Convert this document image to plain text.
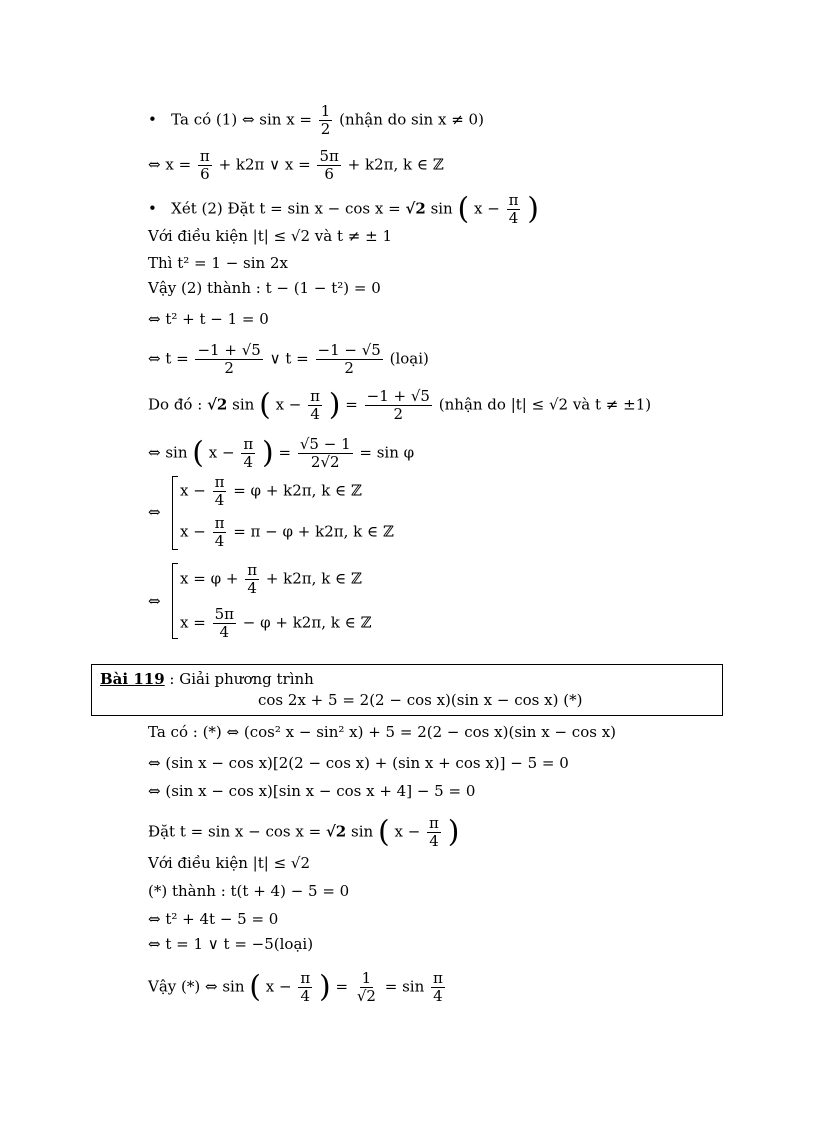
• Ta có (1) ⇔ $\sin x = \frac{1}{2}$ (nhận do sin x ≠ 0)
⇔ $x = \frac{\pi}{6} + k2\pi$ ∨ $x = \frac{5\pi}{6} + k2\pi$, k ∈ ℤ
• Xét (2) Đặt t = sin x − cos x = √2 sin ( $x - \frac{\pi}{4}$ )
Với điều kiện |t| ≤ √2 và t ≠ ± 1
Thì t² = 1 − sin 2x
Vậy (2) thành : t − (1 − t²) = 0
⇔ t² + t − 1 = 0
⇔ $t = \frac{-1 + √5}{2}$ ∨ $t = \frac{-1 - √5}{2}$ (loại)
Do đó : √2 sin ( $x - \frac{\pi}{4}$ ) = $\frac{-1 + √5}{2}$ (nhận do |t| ≤ √2 và t ≠ ±1)
⇔ sin ( $x - \frac{\pi}{4}$ ) = $\frac{√5 - 1}{2√2} = \sin \varphi$
⇔
$x - \frac{\pi}{4} = \varphi + k2\pi$, k ∈ ℤ
$x - \frac{\pi}{4} = \pi - \varphi + k2\pi$, k ∈ ℤ
⇔
$x = \varphi + \frac{\pi}{4} + k2\pi$, k ∈ ℤ
$x = \frac{5\pi}{4} - \varphi + k2\pi$, k ∈ ℤ
Bài 119 : Giải phương trình
cos 2x + 5 = 2(2 − cos x)(sin x − cos x) (*)
Ta có : (*) ⇔ (cos² x − sin² x) + 5 = 2(2 − cos x)(sin x − cos x)
⇔ (sin x − cos x)[2(2 − cos x) + (sin x + cos x)] − 5 = 0
⇔ (sin x − cos x)[sin x − cos x + 4] − 5 = 0
Đặt t = sin x − cos x = √2 sin ( $x - \frac{\pi}{4}$ )
Với điều kiện |t| ≤ √2
(*) thành : t(t + 4) − 5 = 0
⇔ t² + 4t − 5 = 0
⇔ t = 1 ∨ t = −5(loại)
Vậy (*) ⇔ sin ( $x - \frac{\pi}{4}$ ) = $\frac{1}{√2} = \sin \frac{\pi}{4}$
